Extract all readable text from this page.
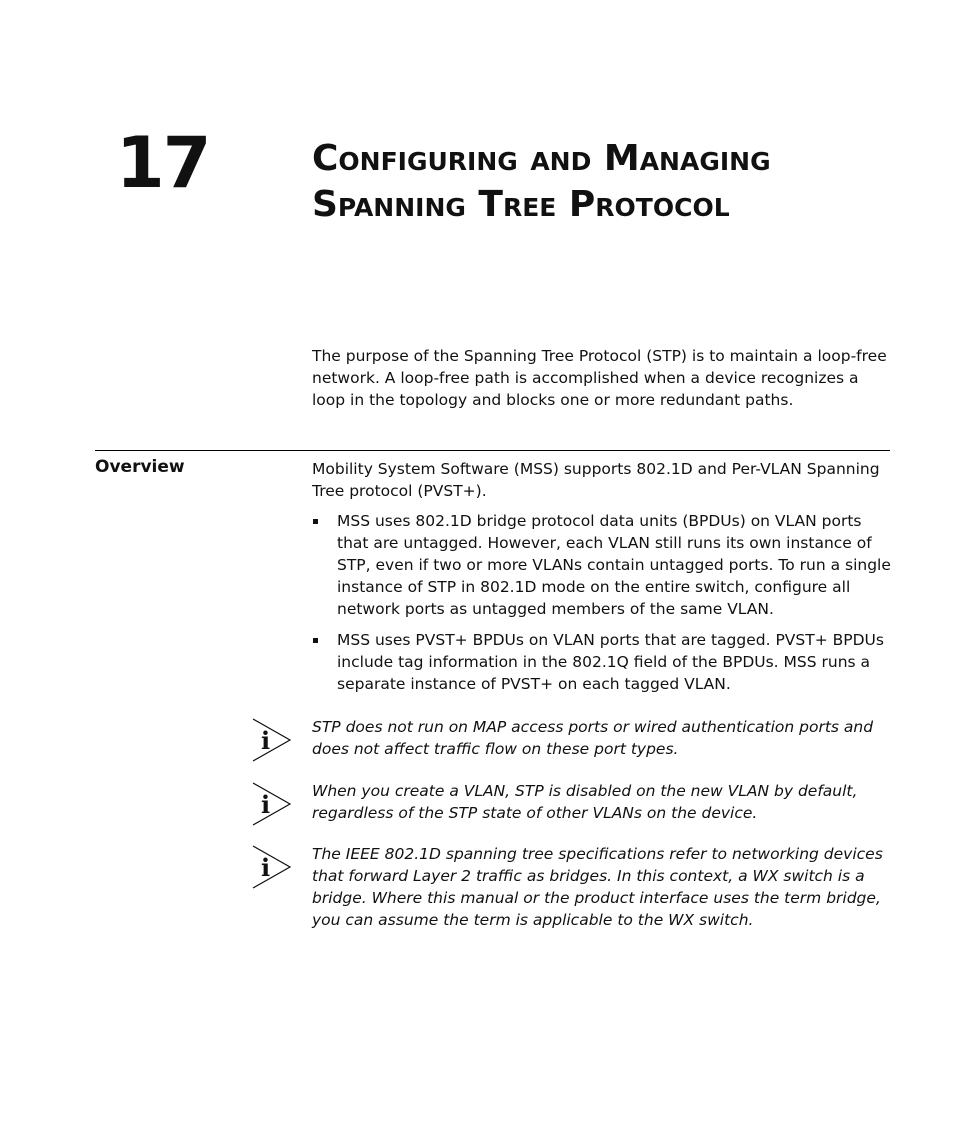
17	Configuring and Managing
Spanning Tree Protocol
The purpose of the Spanning Tree Protocol (STP) is to maintain a loop-free network. A loop-free path is accomplished when a device recognizes a loop in the topology and blocks one or more redundant paths.
Overview	Mobility System Software (MSS) supports 802.1D and Per-VLAN Spanning Tree protocol (PVST+).

MSS uses 802.1D bridge protocol data units (BPDUs) on VLAN ports that are untagged. However, each VLAN still runs its own instance of STP, even if two or more VLANs contain untagged ports. To run a single instance of STP in 802.1D mode on the entire switch, configure all network ports as untagged members of the same VLAN.
MSS uses PVST+ BPDUs on VLAN ports that are tagged. PVST+ BPDUs include tag information in the 802.1Q field of the BPDUs. MSS runs a separate instance of PVST+ on each tagged VLAN.
i	STP does not run on MAP access ports or wired authentication ports and does not affect traffic flow on these port types.
i	When you create a VLAN, STP is disabled on the new VLAN by default, regardless of the STP state of other VLANs on the device.
i	The IEEE 802.1D spanning tree specifications refer to networking devices that forward Layer 2 traffic as bridges. In this context, a WX switch is a bridge. Where this manual or the product interface uses the term bridge, you can assume the term is applicable to the WX switch.
